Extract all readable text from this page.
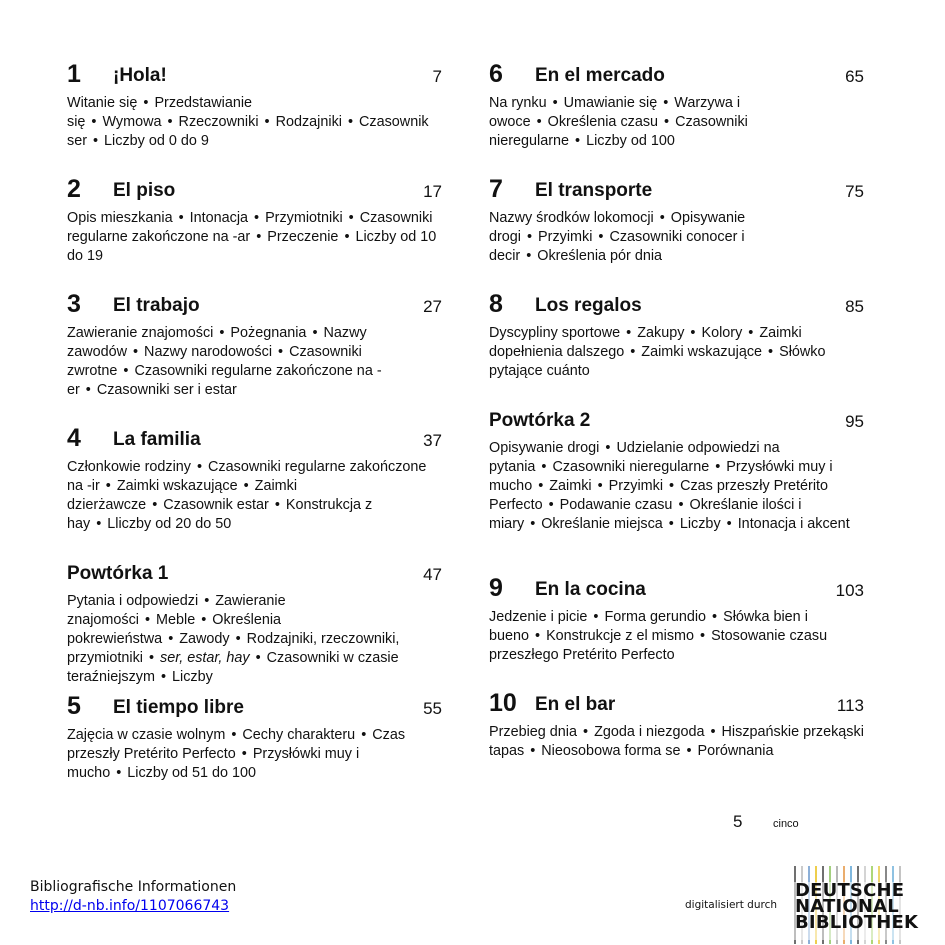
1 ¡Hola!	7

Witanie się • Przedstawianie się • Wymowa • Rzeczowniki • Rodzajniki • Czasownik ser • Liczby od 0 do 9

2 El piso	17

Opis mieszkania • Intonacja • Przymiotniki • Czasowniki regularne zakończone na -ar • Przeczenie • Liczby od 10 do 19

3 El trabajo	27

Zawieranie znajomości • Pożegnania • Nazwy zawodów • Nazwy narodowości • Czasowniki zwrotne • Czasowniki regularne zakończone na -er • Czasowniki ser i estar

4 La familia	37

Członkowie rodziny • Czasowniki regularne zakończone na -ir • Zaimki wskazujące • Zaimki dzierżawcze • Czasownik estar • Konstrukcja z hay • Lliczby od 20 do 50

Powtórka 1	47

Pytania i odpowiedzi • Zawieranie znajomości • Meble • Określenia pokrewieństwa • Zawody • Rodzajniki, rzeczowniki, przymiotniki • ser, estar, hay • Czasowniki w czasie teraźniejszym • Liczby

5 El tiempo libre	55

Zajęcia w czasie wolnym • Cechy charakteru • Czas przeszły Pretérito Perfecto • Przysłówki muy i mucho • Liczby od 51 do 100

6 En el mercado	65

Na rynku • Umawianie się • Warzywa i owoce • Określenia czasu • Czasowniki nieregularne • Liczby od 100

7 El transporte	75

Nazwy środków lokomocji • Opisywanie drogi • Przyimki • Czasowniki conocer i decir • Określenia pór dnia

8 Los regalos	85

Dyscypliny sportowe • Zakupy • Kolory • Zaimki dopełnienia dalszego • Zaimki wskazujące • Słówko pytające cuánto

Powtórka 2	95

Opisywanie drogi • Udzielanie odpowiedzi na pytania • Czasowniki nieregularne • Przysłówki muy i mucho • Zaimki • Przyimki • Czas przeszły Pretérito Perfecto • Podawanie czasu • Określanie ilości i miary • Określanie miejsca • Liczby • Intonacja i akcent

9 En la cocina	103

Jedzenie i picie • Forma gerundio • Słówka bien i bueno • Konstrukcje z el mismo • Stosowanie czasu przeszłego Pretérito Perfecto

10 En el bar	113

Przebieg dnia • Zgoda i niezgoda • Hiszpańskie przekąski tapas • Nieosobowa forma se • Porównania

5	cinco
Bibliografische Informationen
http://d-nb.info/1107066743	digitalisiert durch
DEUTSCHE
NATIONAL
BIBLIOTHEK
